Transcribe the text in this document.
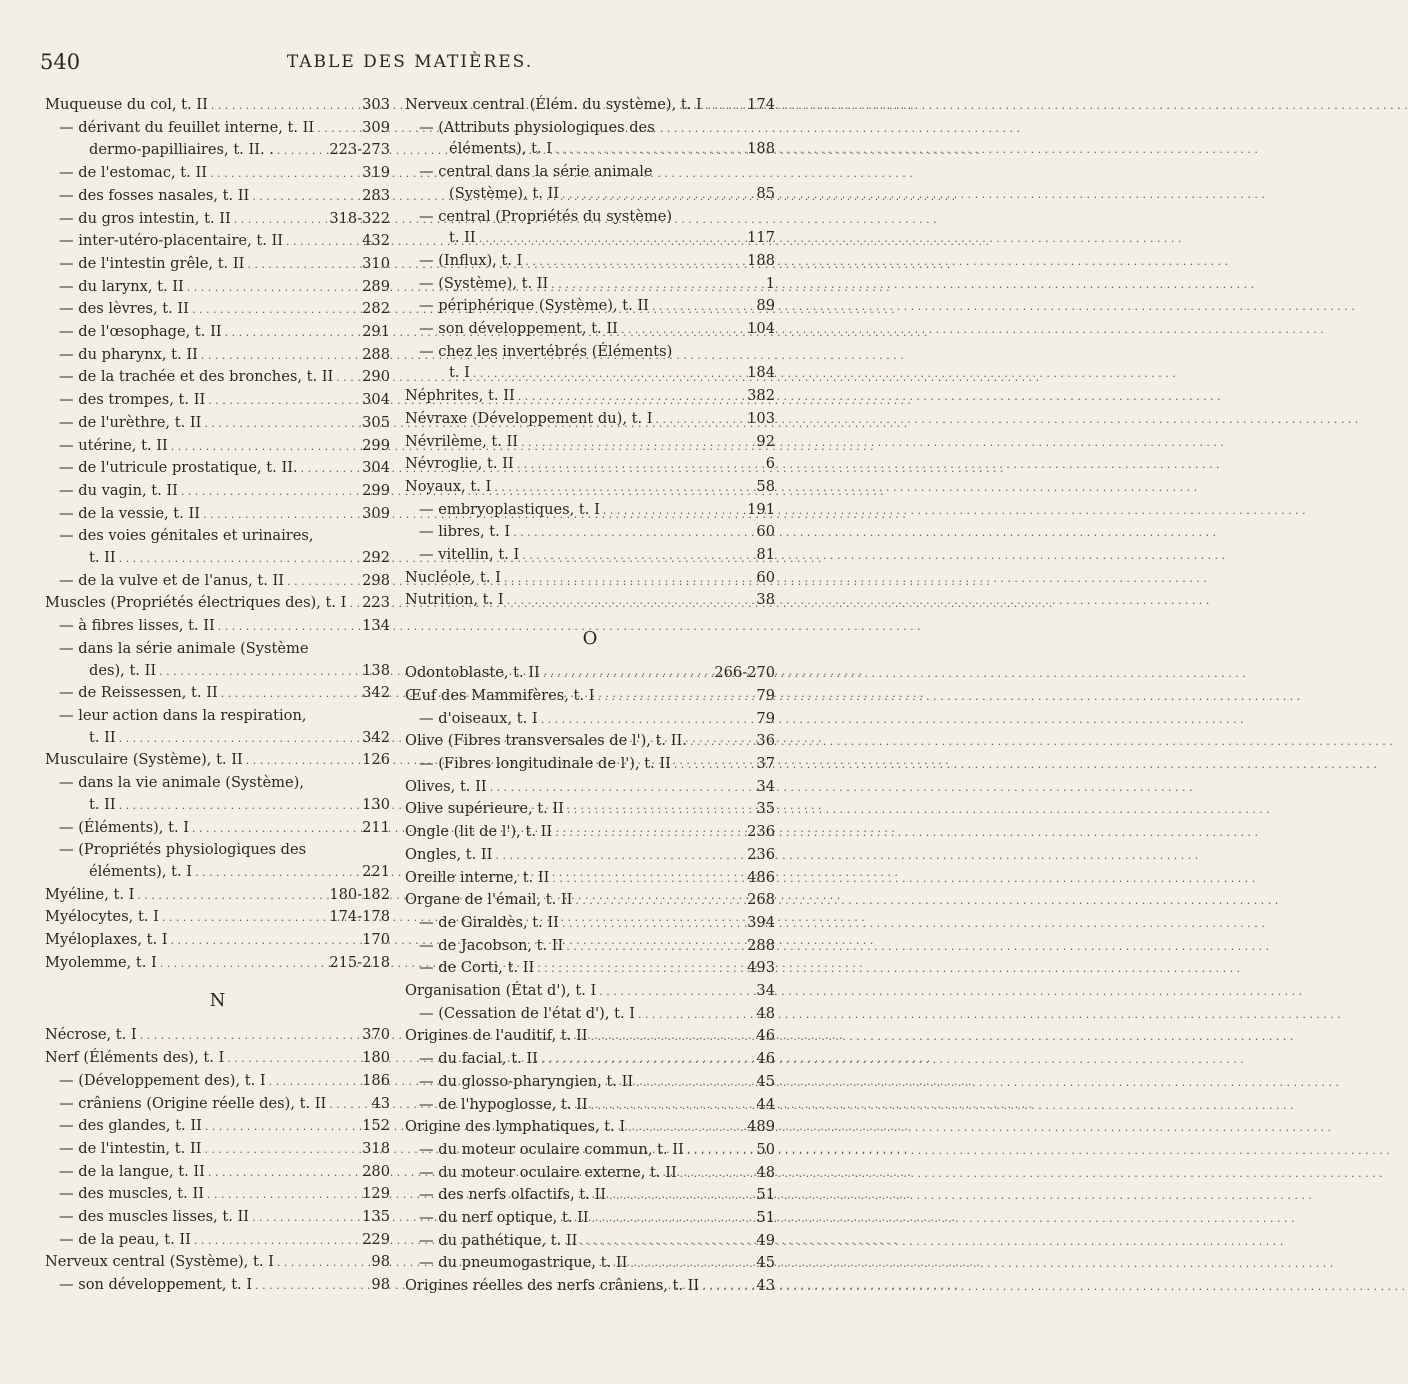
540	TABLE DES MATIÈRES.
Muqueuse du col, t. II . . .	303
— dérivant du feuillet interne, t. II . . .	309
dermo-papilliaires, t. II. . . . .	223-273
— de l'estomac, t. II . . .	319
— des fosses nasales, t. II . . .	283
— du gros intestin, t. II . . .	318-322
— inter-utéro-placentaire, t. II . . .	432
— de l'intestin grêle, t. II . . .	310
— du larynx, t. II . . .	289
— des lèvres, t. II . . .	282
— de l'œsophage, t. II . . .	291
— du pharynx, t. II . . .	288
— de la trachée et des bronches, t. II . . . 290
— des trompes, t. II . . .	304
— de l'urèthre, t. II . . .	305
— utérine, t. II . . .	299
— de l'utricule prostatique, t. II. . . .	304
— du vagin, t. II . . .	299
— de la vessie, t. II . . .	309
— des voies génitales et urinaires,
t. II . . .	292
— de la vulve et de l'anus, t. II . . .	298
Muscles (Propriétés électriques des), t. I . . . 223
— à fibres lisses, t. II . . .	134
— dans la série animale (Système
des), t. II . . .	138
— de Reissessen, t. II . . .	342
— leur action dans la respiration,
t. II . . .	342
Musculaire (Système), t. II . . .	126
— dans la vie animale (Système),
t. II . . .	130
— (Éléments), t. I . . .	211
— (Propriétés physiologiques des
éléments), t. I . . .	221
Myéline, t. I . . .	180-182
Myélocytes, t. I . . .	174-178
Myéloplaxes, t. I . . .	170
Myolemme, t. I . . .	215-218
N
Nécrose, t. I . . .	370
Nerf (Éléments des), t. I . . .	180
— (Développement des), t. I . . .	186
— crâniens (Origine réelle des), t. II . . .	43
— des glandes, t. II . . .	152
— de l'intestin, t. II . . .	318
— de la langue, t. II . . .	280
— des muscles, t. II . . .	129
— des muscles lisses, t. II . . .	135
— de la peau, t. II . . .	229
Nerveux central (Système), t. I . . .	98
— son développement, t. I . . .	98
Nerveux central (Élém. du système), t. I . . .	174
— (Attributs physiologiques des
éléments), t. I . . .	188
— central dans la série animale
(Système), t. II . . .	85
— central (Propriétés du système)
t. II . . .	117
— (Influx), t. I . . .	188
— (Système), t. II . . .	1
— périphérique (Système), t. II . . .	89
— son développement, t. II . . .	104
— chez les invertébrés (Éléments)
t. I . . .	184
Néphrites, t. II . . .	382
Névraxe (Développement du), t. I . . .	103
Névrilème, t. II . . .	92
Névroglie, t. II . . .	6
Noyaux, t. I . . .	58
— embryoplastiques, t. I . . .	191
— libres, t. I . . .	60
— vitellin, t. I . . .	81
Nucléole, t. I . . .	60
Nutrition, t. I . . .	38
O
Odontoblaste, t. II . . .	266-270
Œuf des Mammifères, t. I . . .	79
— d'oiseaux, t. I . . .	79
Olive (Fibres transversales de l'), t. II. . . .	36
— (Fibres longitudinale de l'), t. II . . .	37
Olives, t. II . . .	34
Olive supérieure, t. II . . .	35
Ongle (lit de l'), t. II . . .	236
Ongles, t. II . . .	236
Oreille interne, t. II . . .	486
Organe de l'émail, t. II . . .	268
— de Giraldès, t. II . . .	394
— de Jacobson, t. II . . .	288
— de Corti, t. II . . .	493
Organisation (État d'), t. I . . .	34
— (Cessation de l'état d'), t. I . . .	48
Origines de l'auditif, t. II . . .	46
— du facial, t. II . . .	46
— du glosso-pharyngien, t. II . . .	45
— de l'hypoglosse, t. II . . .	44
Origine des lymphatiques, t. I . . .	489
— du moteur oculaire commun, t. II . . .	50
— du moteur oculaire externe, t. II . . .	48
— des nerfs olfactifs, t. II . . .	51
— du nerf optique, t. II . . .	51
— du pathétique, t. II . . .	49
— du pneumogastrique, t. II . . .	45
Origines réelles des nerfs crâniens, t. II . . .	43
